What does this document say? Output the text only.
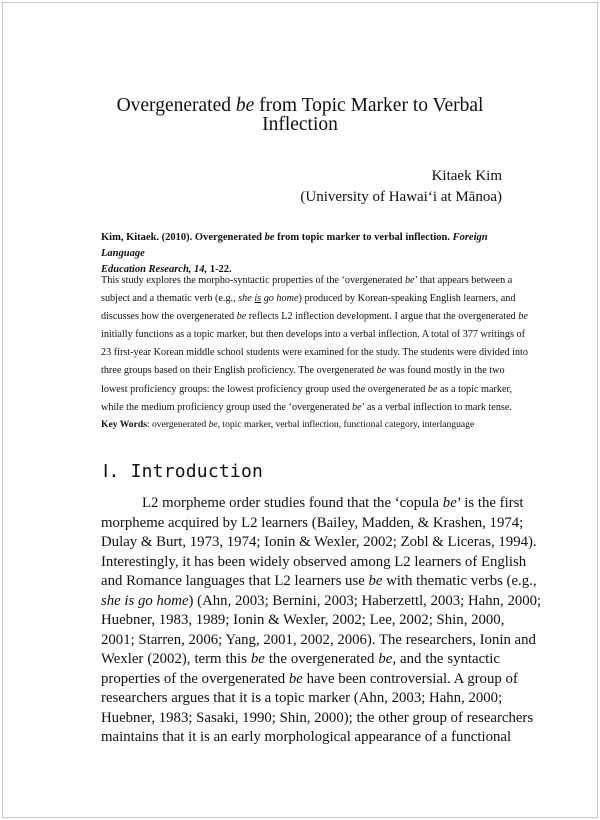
Overgenerated be from Topic Marker to Verbal
Inflection
Kitaek Kim
(University of Hawai‘i at Mānoa)
Kim, Kitaek. (2010). Overgenerated be from topic marker to verbal inflection. Foreign Language
Education Research, 14, 1-22.
This study explores the morpho-syntactic properties of the ‘overgenerated be’ that appears between a
subject and a thematic verb (e.g., she is go home) produced by Korean-speaking English learners, and
discusses how the overgenerated be reflects L2 inflection development. I argue that the overgenerated be
initially functions as a topic marker, but then develops into a verbal inflection. A total of 377 writings of
23 first-year Korean middle school students were examined for the study. The students were divided into
three groups based on their English proficiency. The overgenerated be was found mostly in the two
lowest proficiency groups: the lowest proficiency group used the overgenerated be as a topic marker,
while the medium proficiency group used the ‘overgenerated be’ as a verbal inflection to mark tense.
Key Words: overgenerated be, topic marker, verbal inflection, functional category, interlanguage
Ⅰ. Introduction
L2 morpheme order studies found that the ‘copula be’ is the first
morpheme acquired by L2 learners (Bailey, Madden, & Krashen, 1974;
Dulay & Burt, 1973, 1974; Ionin & Wexler, 2002; Zobl & Liceras, 1994).
Interestingly, it has been widely observed among L2 learners of English
and Romance languages that L2 learners use be with thematic verbs (e.g.,
she is go home) (Ahn, 2003; Bernini, 2003; Haberzettl, 2003; Hahn, 2000;
Huebner, 1983, 1989; Ionin & Wexler, 2002; Lee, 2002; Shin, 2000,
2001; Starren, 2006; Yang, 2001, 2002, 2006). The researchers, Ionin and
Wexler (2002), term this be the overgenerated be, and the syntactic
properties of the overgenerated be have been controversial. A group of
researchers argues that it is a topic marker (Ahn, 2003; Hahn, 2000;
Huebner, 1983; Sasaki, 1990; Shin, 2000); the other group of researchers
maintains that it is an early morphological appearance of a functional
